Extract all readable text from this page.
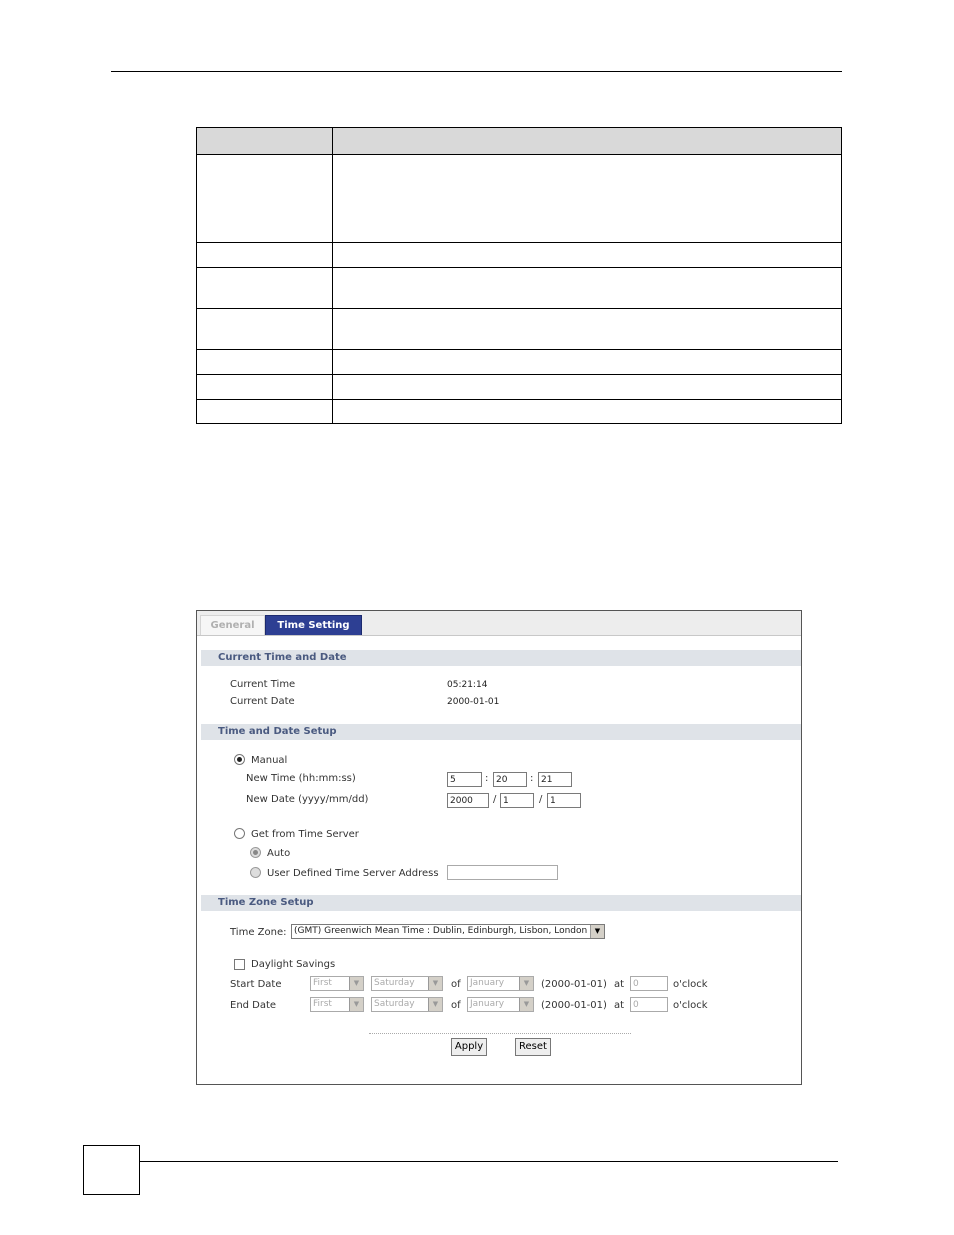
General	Time Setting
Current Time and Date
Current Time	05:21:14
Current Date	2000-01-01
Time and Date Setup
Manual
New Time (hh:mm:ss)	5	: 20	: 21
New Date (yyyy/mm/dd)	2000	/ 1	/ 1
Get from Time Server
Auto
User Defined Time Server Address
Time Zone Setup
Time Zone: (GMT) Greenwich Mean Time : Dublin, Edinburgh, Lisbon, London	▼
Daylight Savings
Start Date	First	▼	Saturday	▼	of	January	▼	(2000-01-01) at 0	o'clock
End Date	First	▼	Saturday	▼	of	January	▼	(2000-01-01) at 0	o'clock
Apply	Reset
